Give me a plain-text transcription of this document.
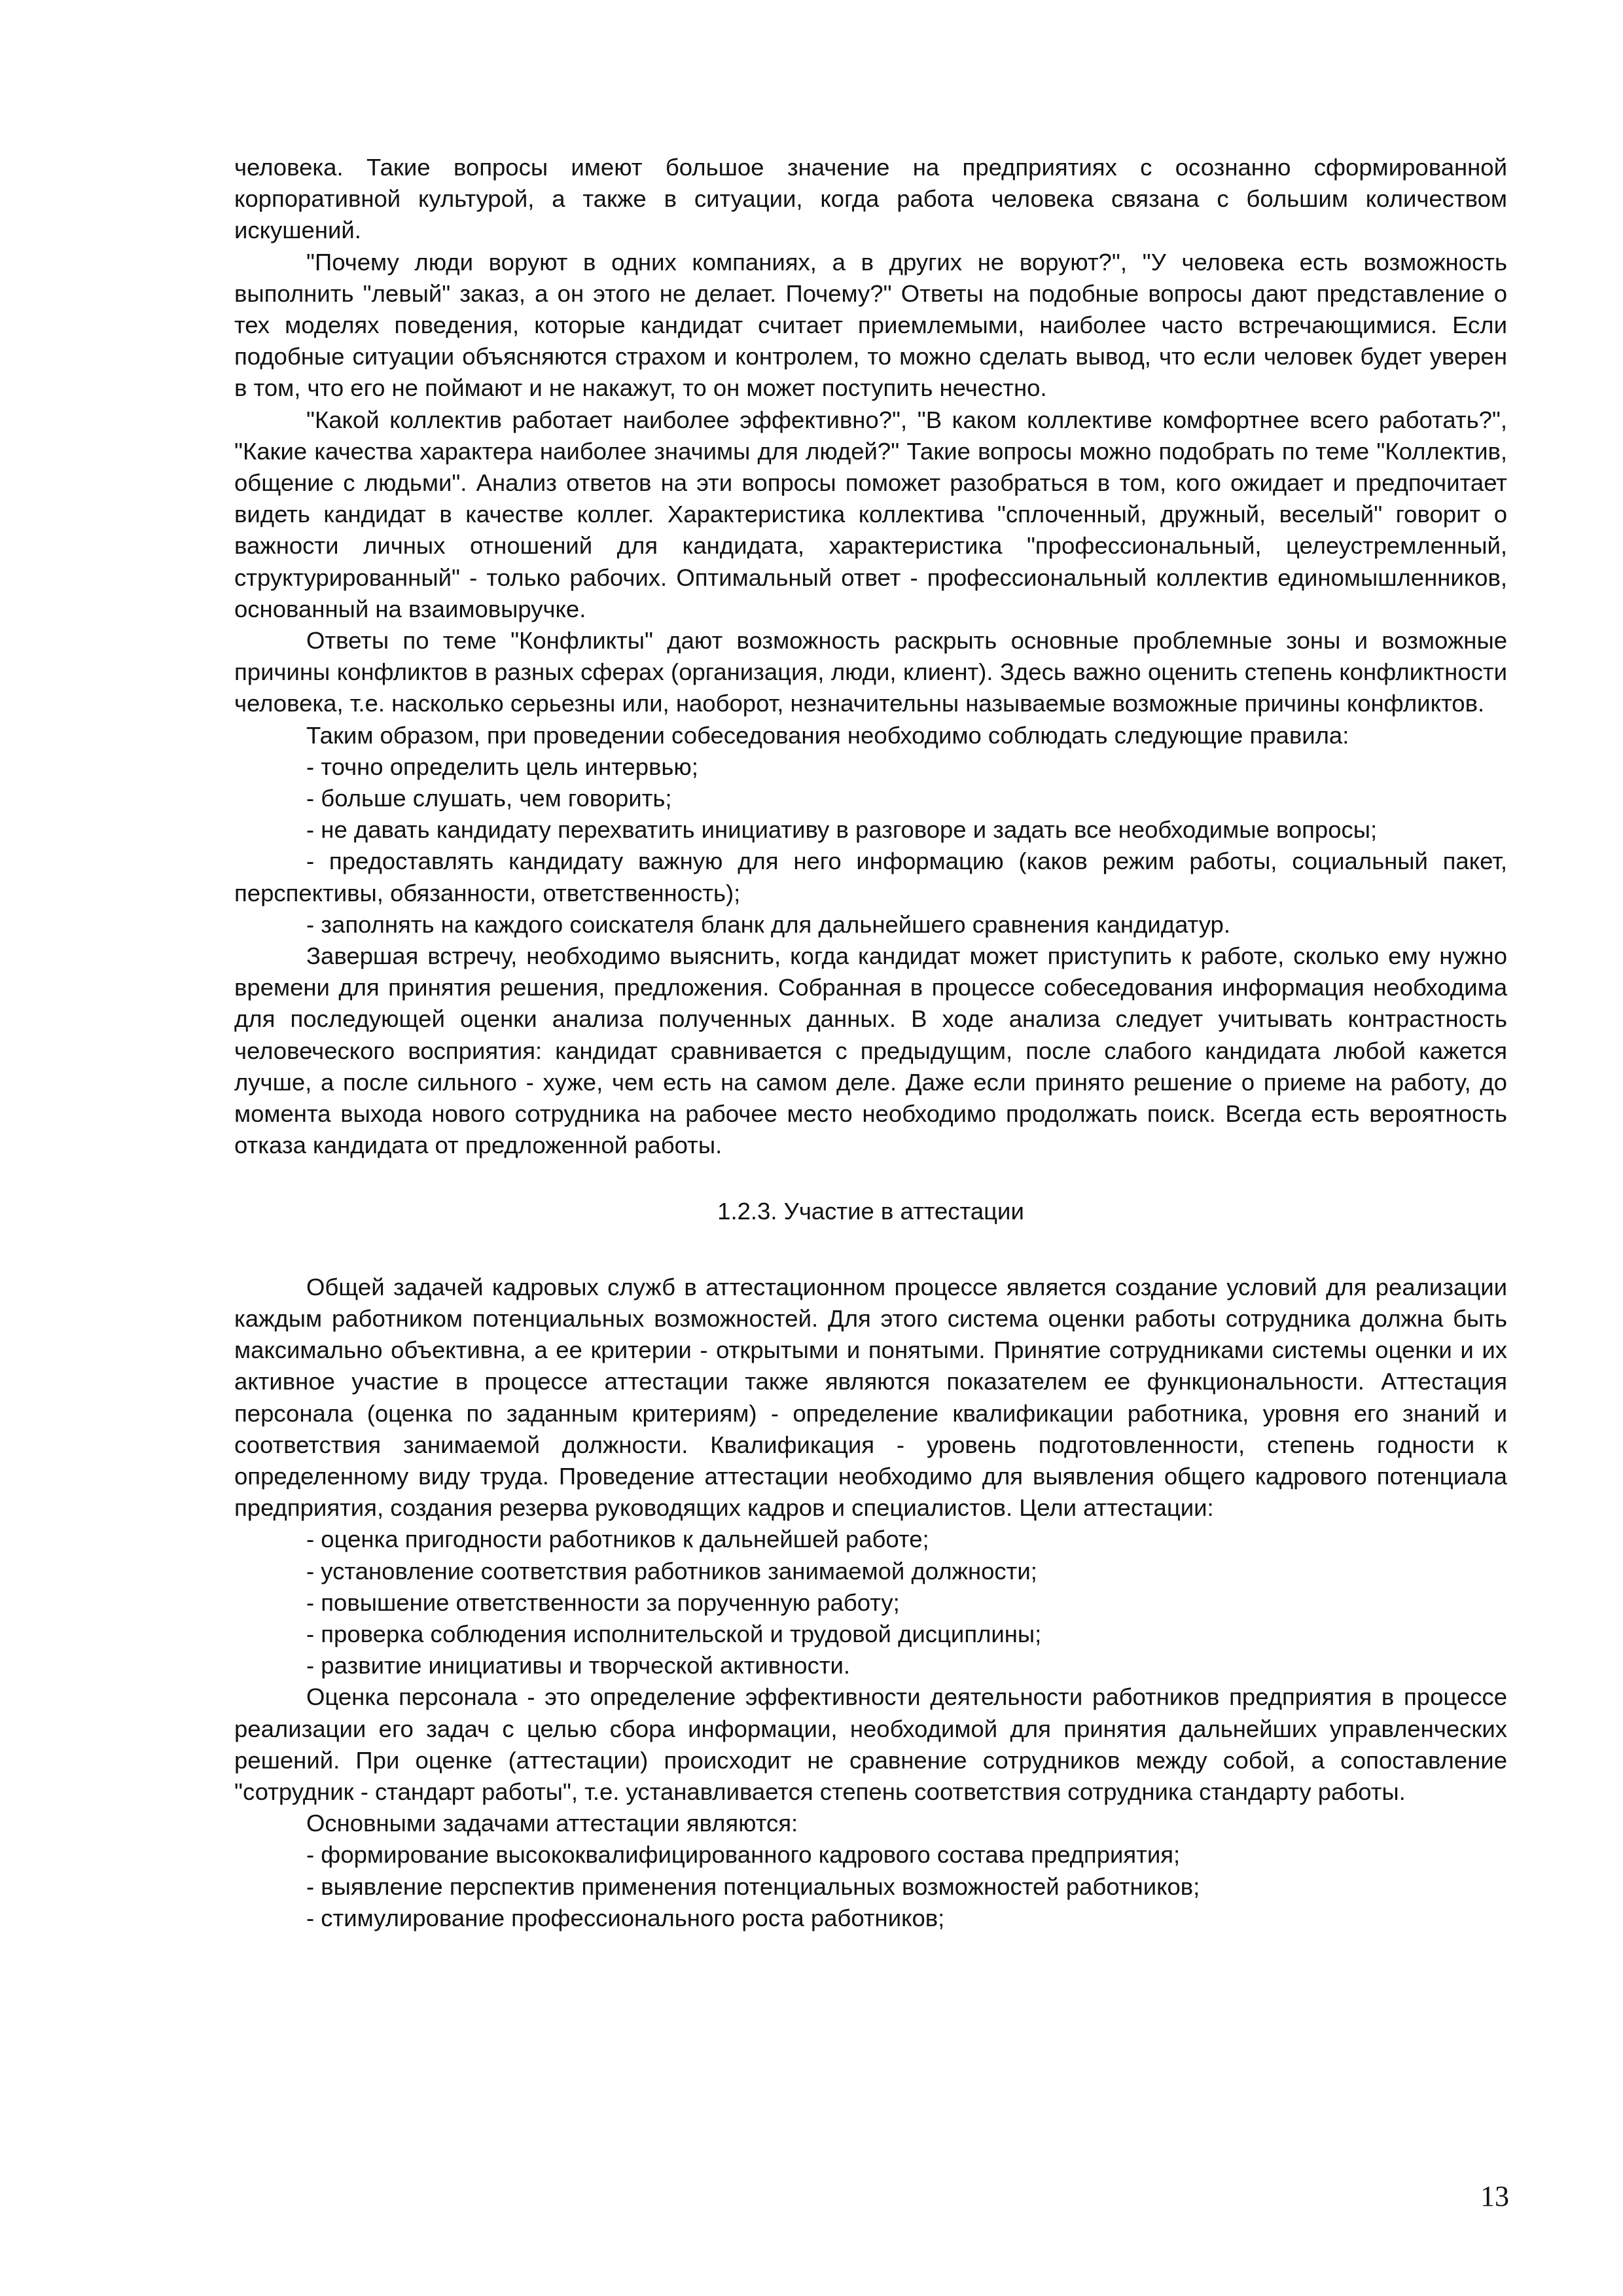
человека. Такие вопросы имеют большое значение на предприятиях с осознанно сформированной корпоративной культурой, а также в ситуации, когда работа человека связана с большим количеством искушений.

"Почему люди воруют в одних компаниях, а в других не воруют?", "У человека есть возможность выполнить "левый" заказ, а он этого не делает. Почему?" Ответы на подобные вопросы дают представление о тех моделях поведения, которые кандидат считает приемлемыми, наиболее часто встречающимися. Если подобные ситуации объясняются страхом и контролем, то можно сделать вывод, что если человек будет уверен в том, что его не поймают и не накажут, то он может поступить нечестно.

"Какой коллектив работает наиболее эффективно?", "В каком коллективе комфортнее всего работать?", "Какие качества характера наиболее значимы для людей?" Такие вопросы можно подобрать по теме "Коллектив, общение с людьми". Анализ ответов на эти вопросы поможет разобраться в том, кого ожидает и предпочитает видеть кандидат в качестве коллег. Характеристика коллектива "сплоченный, дружный, веселый" говорит о важности личных отношений для кандидата, характеристика "профессиональный, целеустремленный, структурированный" - только рабочих. Оптимальный ответ - профессиональный коллектив единомышленников, основанный на взаимовыручке.

Ответы по теме "Конфликты" дают возможность раскрыть основные проблемные зоны и возможные причины конфликтов в разных сферах (организация, люди, клиент). Здесь важно оценить степень конфликтности человека, т.е. насколько серьезны или, наоборот, незначительны называемые возможные причины конфликтов.

Таким образом, при проведении собеседования необходимо соблюдать следующие правила:

- точно определить цель интервью;

- больше слушать, чем говорить;

- не давать кандидату перехватить инициативу в разговоре и задать все необходимые вопросы;

- предоставлять кандидату важную для него информацию (каков режим работы, социальный пакет, перспективы, обязанности, ответственность);

- заполнять на каждого соискателя бланк для дальнейшего сравнения кандидатур.

Завершая встречу, необходимо выяснить, когда кандидат может приступить к работе, сколько ему нужно времени для принятия решения, предложения. Собранная в процессе собеседования информация необходима для последующей оценки анализа полученных данных. В ходе анализа следует учитывать контрастность человеческого восприятия: кандидат сравнивается с предыдущим, после слабого кандидата любой кажется лучше, а после сильного - хуже, чем есть на самом деле. Даже если принято решение о приеме на работу, до момента выхода нового сотрудника на рабочее место необходимо продолжать поиск. Всегда есть вероятность отказа кандидата от предложенной работы.

1.2.3. Участие в аттестации

Общей задачей кадровых служб в аттестационном процессе является создание условий для реализации каждым работником потенциальных возможностей. Для этого система оценки работы сотрудника должна быть максимально объективна, а ее критерии - открытыми и понятыми. Принятие сотрудниками системы оценки и их активное участие в процессе аттестации также являются показателем ее функциональности. Аттестация персонала (оценка по заданным критериям) - определение квалификации работника, уровня его знаний и соответствия занимаемой должности. Квалификация - уровень подготовленности, степень годности к определенному виду труда. Проведение аттестации необходимо для выявления общего кадрового потенциала предприятия, создания резерва руководящих кадров и специалистов. Цели аттестации:

- оценка пригодности работников к дальнейшей работе;

- установление соответствия работников занимаемой должности;

- повышение ответственности за порученную работу;

- проверка соблюдения исполнительской и трудовой дисциплины;

- развитие инициативы и творческой активности.

Оценка персонала - это определение эффективности деятельности работников предприятия в процессе реализации его задач с целью сбора информации, необходимой для принятия дальнейших управленческих решений. При оценке (аттестации) происходит не сравнение сотрудников между собой, а сопоставление "сотрудник - стандарт работы", т.е. устанавливается степень соответствия сотрудника стандарту работы.

Основными задачами аттестации являются:

- формирование высококвалифицированного кадрового состава предприятия;

- выявление перспектив применения потенциальных возможностей работников;

- стимулирование профессионального роста работников;

13
